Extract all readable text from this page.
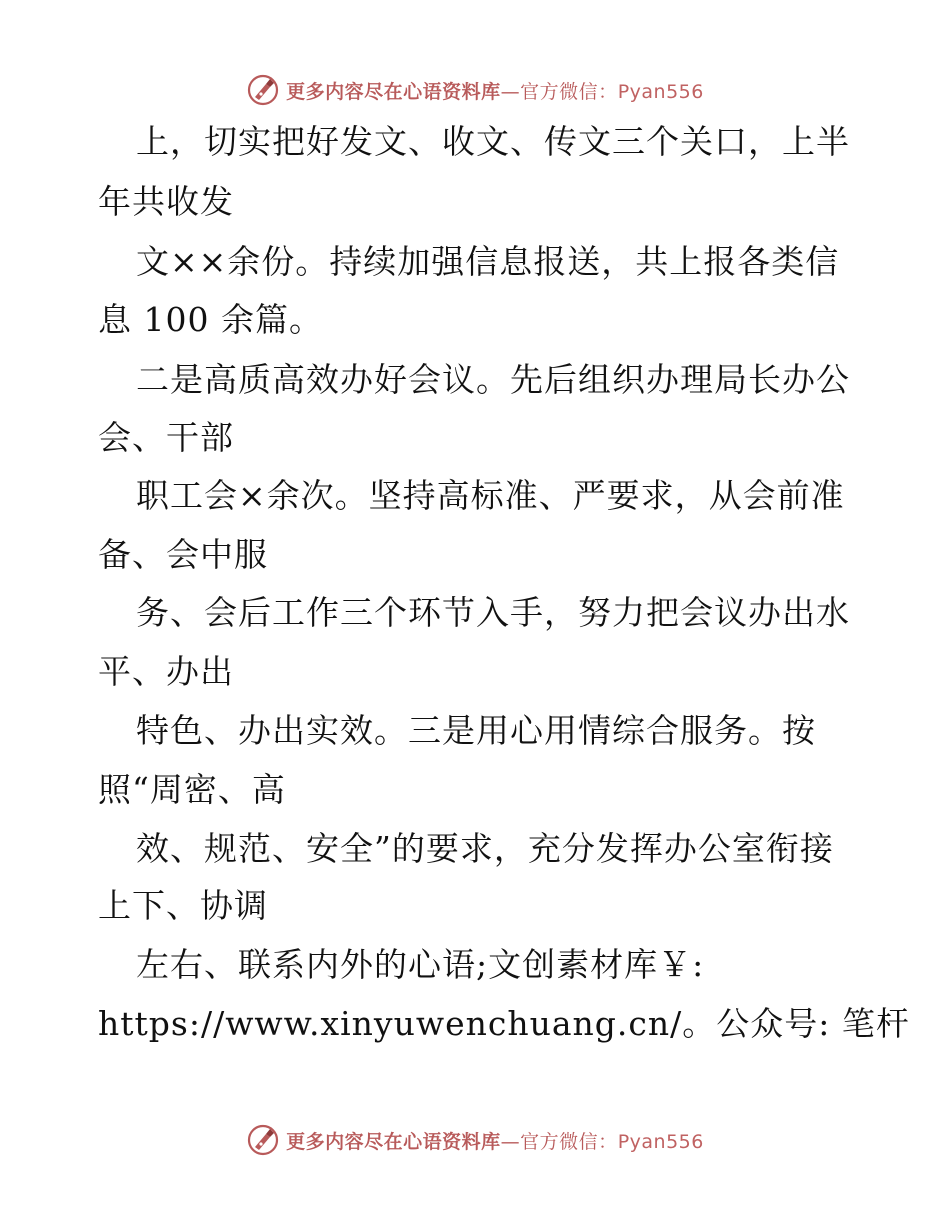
更多内容尽在心语资料库—官方微信：Pyan556
上，切实把好发文、收文、传文三个关口，上半
年共收发
文××余份。持续加强信息报送，共上报各类信
息 100 余篇。
二是高质高效办好会议。先后组织办理局长办公
会、干部
职工会×余次。坚持高标准、严要求，从会前准
备、会中服
务、会后工作三个环节入手，努力把会议办出水
平、办出
特色、办出实效。三是用心用情综合服务。按
照“周密、高
效、规范、安全”的要求，充分发挥办公室衔接
上下、协调
左右、联系内外的心语;文创素材库￥:
https://www.xinyuwenchuang.cn/。公众号: 笔杆
更多内容尽在心语资料库—官方微信：Pyan556
